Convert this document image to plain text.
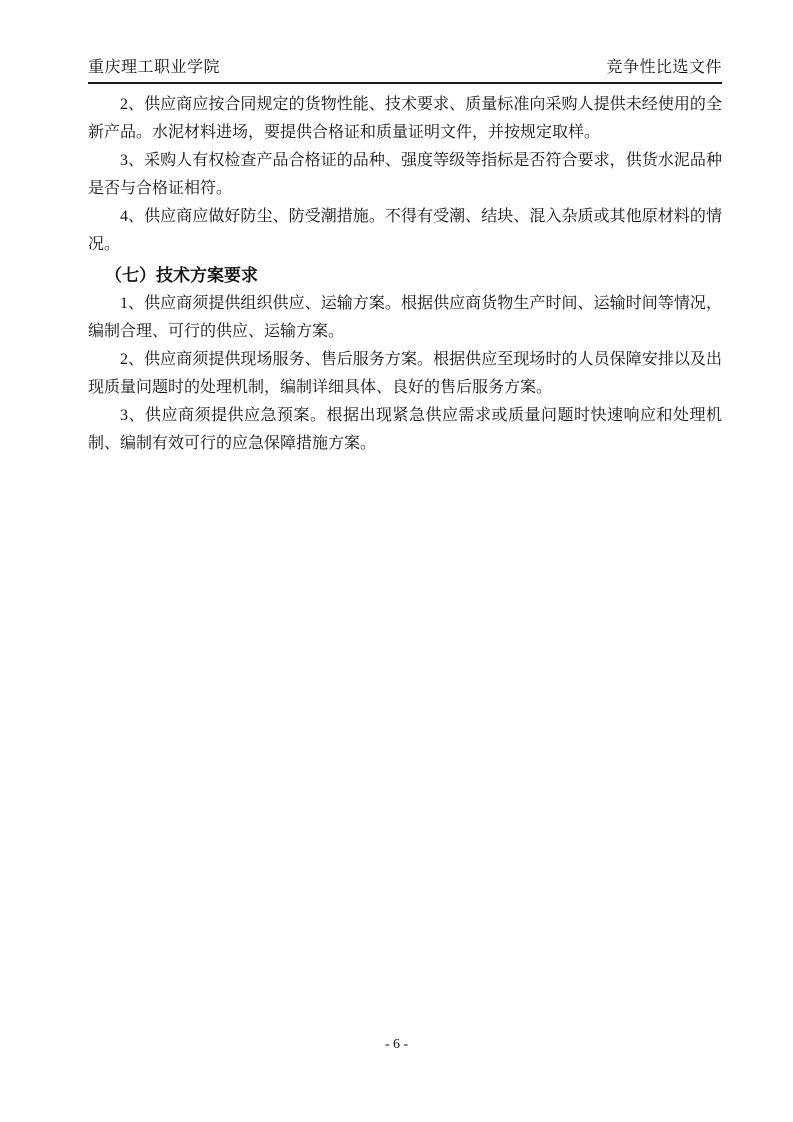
重庆理工职业学院	竞争性比选文件

2、供应商应按合同规定的货物性能、技术要求、质量标准向采购人提供未经使用的全新产品。水泥材料进场，要提供合格证和质量证明文件，并按规定取样。

3、采购人有权检查产品合格证的品种、强度等级等指标是否符合要求，供货水泥品种是否与合格证相符。

4、供应商应做好防尘、防受潮措施。不得有受潮、结块、混入杂质或其他原材料的情况。

（七）技术方案要求

1、供应商须提供组织供应、运输方案。根据供应商货物生产时间、运输时间等情况，编制合理、可行的供应、运输方案。

2、供应商须提供现场服务、售后服务方案。根据供应至现场时的人员保障安排以及出现质量问题时的处理机制，编制详细具体、良好的售后服务方案。

3、供应商须提供应急预案。根据出现紧急供应需求或质量问题时快速响应和处理机制、编制有效可行的应急保障措施方案。

- 6 -
